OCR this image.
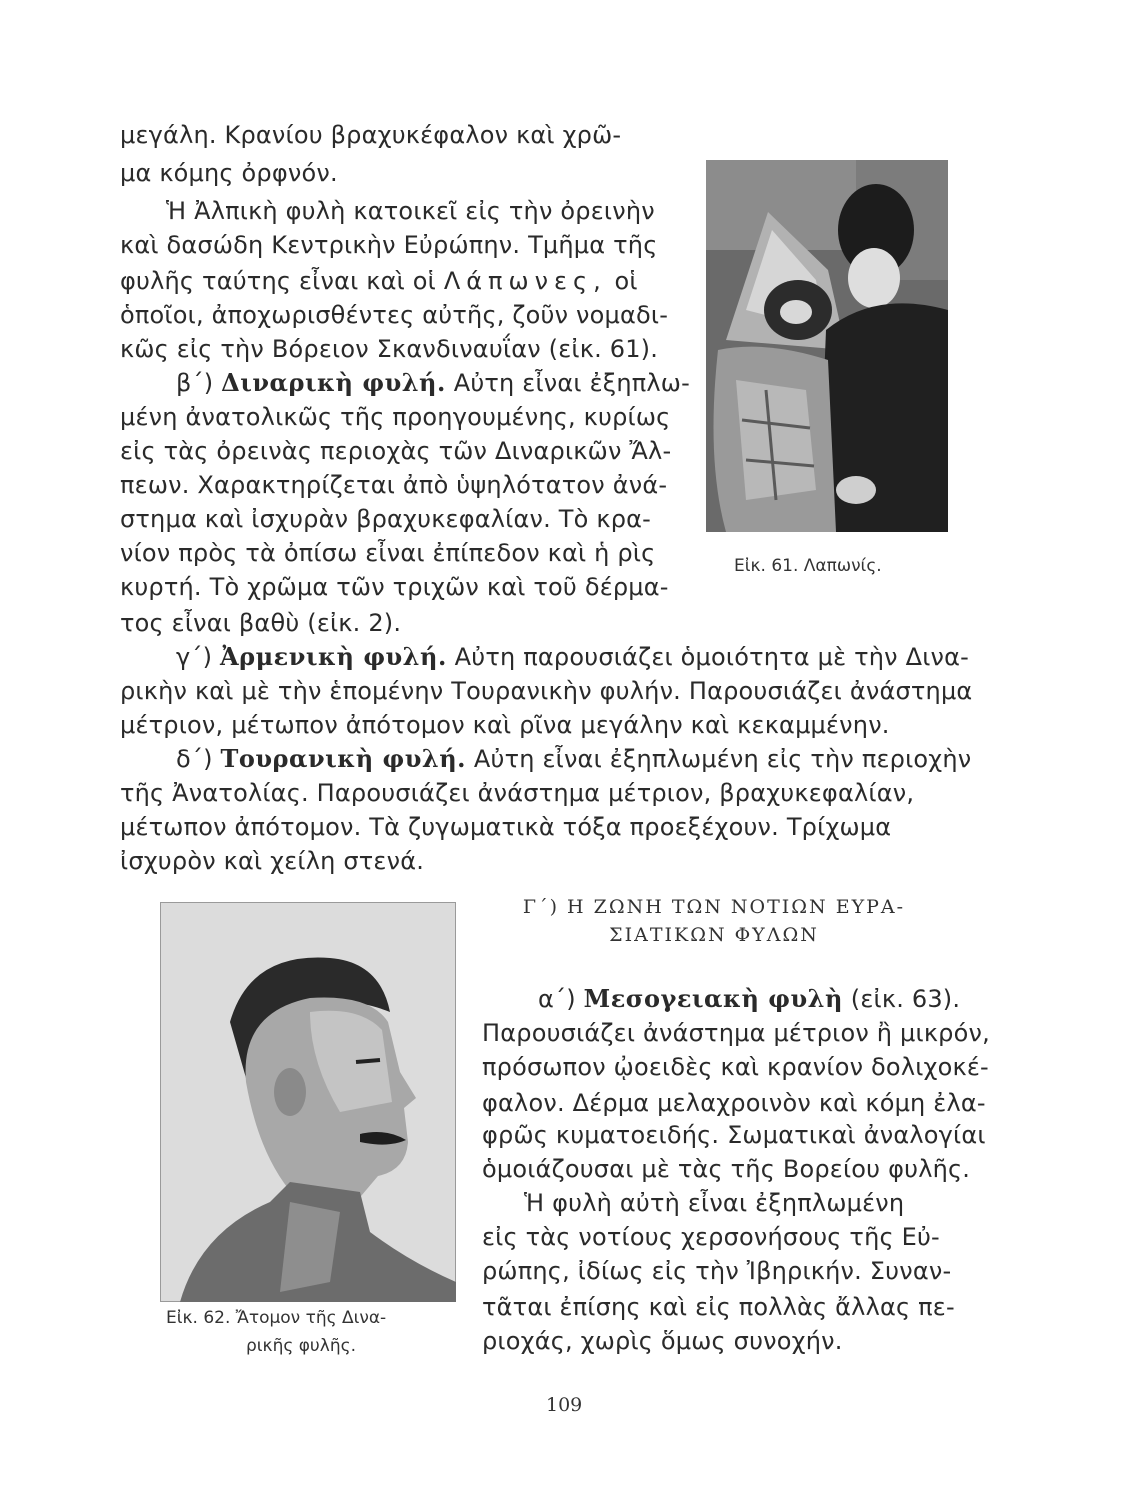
μεγάλη. Κρανίου βραχυκέφαλον καὶ χρῶ-
μα κόμης ὀρφνόν.
Ἡ Ἀλπικὴ φυλὴ κατοικεῖ εἰς τὴν ὀρεινὴν
καὶ δασώδη Κεντρικὴν Εὐρώπην. Τμῆμα τῆς
φυλῆς ταύτης εἶναι καὶ οἱ Λάπωνες, οἱ
ὁποῖοι, ἀποχωρισθέντες αὐτῆς, ζοῦν νομαδι-
κῶς εἰς τὴν Βόρειον Σκανδιναυΐαν (εἰκ. 61).
β΄) Διναρικὴ φυλή. Αὐτη εἶναι ἐξηπλω-
μένη ἀνατολικῶς τῆς προηγουμένης, κυρίως
εἰς τὰς ὀρεινὰς περιοχὰς τῶν Διναρικῶν Ἄλ-
πεων. Χαρακτηρίζεται ἀπὸ ὑψηλότατον ἀνά-
στημα καὶ ἰσχυρὰν βραχυκεφαλίαν. Τὸ κρα-
νίον πρὸς τὰ ὀπίσω εἶναι ἐπίπεδον καὶ ἡ ρὶς
κυρτή. Τὸ χρῶμα τῶν τριχῶν καὶ τοῦ δέρμα-
τος εἶναι βαθὺ (εἰκ. 2).
Εἰκ. 61. Λαπωνίς.
γ΄) Ἀρμενικὴ φυλή. Αὐτη παρουσιάζει ὁμοιότητα μὲ τὴν Δινα-
ρικὴν καὶ μὲ τὴν ἑπομένην Τουρανικὴν φυλήν. Παρουσιάζει ἀνάστημα
μέτριον, μέτωπον ἀπότομον καὶ ρῖνα μεγάλην καὶ κεκαμμένην.
δ΄) Τουρανικὴ φυλή. Αὐτη εἶναι ἐξηπλωμένη εἰς τὴν περιοχὴν
τῆς Ἀνατολίας. Παρουσιάζει ἀνάστημα μέτριον, βραχυκεφαλίαν,
μέτωπον ἀπότομον. Τὰ ζυγωματικὰ τόξα προεξέχουν. Τρίχωμα
ἰσχυρὸν καὶ χείλη στενά.
Εἰκ. 62. Ἄτομον τῆς Δινα-
ρικῆς φυλῆς.
Γ΄) Η ΖΩΝΗ ΤΩΝ ΝΟΤΙΩΝ ΕΥΡΑ-
ΣΙΑΤΙΚΩΝ ΦΥΛΩΝ
α΄) Μεσογειακὴ φυλὴ (εἰκ. 63).
Παρουσιάζει ἀνάστημα μέτριον ἢ μικρόν,
πρόσωπον ᾠοειδὲς καὶ κρανίον δολιχοκέ-
φαλον. Δέρμα μελαχροινὸν καὶ κόμη ἐλα-
φρῶς κυματοειδής. Σωματικαὶ ἀναλογίαι
ὁμοιάζουσαι μὲ τὰς τῆς Βορείου φυλῆς.
Ἡ φυλὴ αὐτὴ εἶναι ἐξηπλωμένη
εἰς τὰς νοτίους χερσονήσους τῆς Εὐ-
ρώπης, ἰδίως εἰς τὴν Ἰβηρικήν. Συναν-
τᾶται ἐπίσης καὶ εἰς πολλὰς ἄλλας πε-
ριοχάς, χωρὶς ὅμως συνοχήν.
109
